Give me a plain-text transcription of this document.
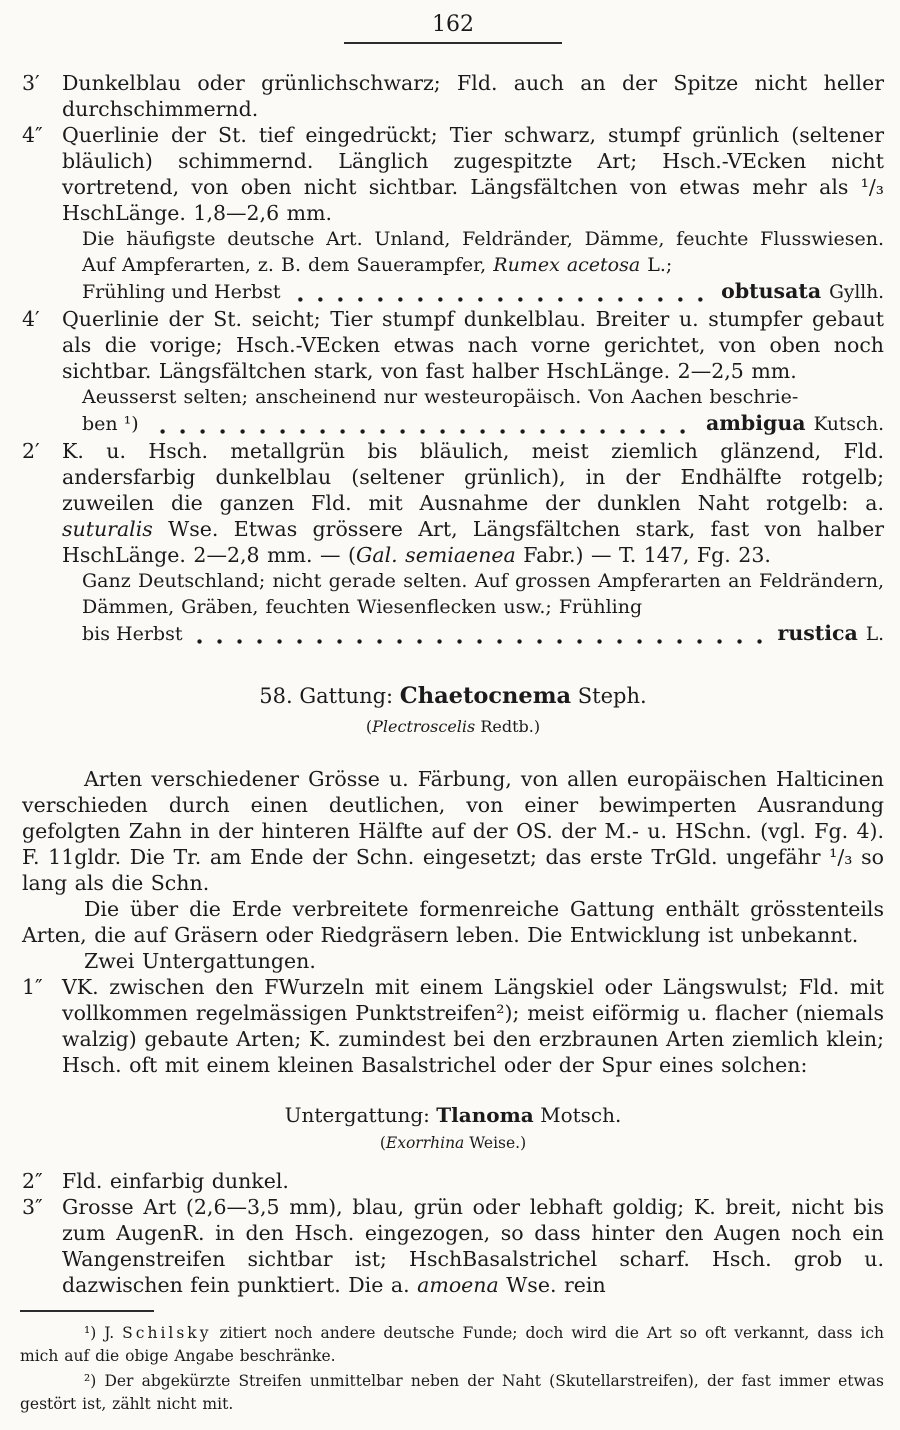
162
3′	Dunkelblau oder grünlichschwarz; Fld. auch an der Spitze nicht heller durchschimmernd.
4″ Querlinie der St. tief eingedrückt; Tier schwarz, stumpf grünlich (seltener bläulich) schimmernd. Länglich zugespitzte Art; Hsch.-VEcken nicht vortretend, von oben nicht sichtbar. Längsfältchen von etwas mehr als ¹/₃ HschLänge. 1,8—2,6 mm.
Die häufigste deutsche Art. Unland, Feldränder, Dämme, feuchte Flusswiesen. Auf Ampferarten, z. B. dem Sauerampfer, Rumex acetosa L.;
Frühling und Herbst	obtusata Gyllh.
4′	Querlinie der St. seicht; Tier stumpf dunkelblau. Breiter u. stumpfer gebaut als die vorige; Hsch.-VEcken etwas nach vorne gerichtet, von oben noch sichtbar. Längsfältchen stark, von fast halber HschLänge. 2—2,5 mm.
Aeusserst selten; anscheinend nur westeuropäisch. Von Aachen beschrie-
ben ¹)	ambigua Kutsch.
2′	K. u. Hsch. metallgrün bis bläulich, meist ziemlich glänzend, Fld. andersfarbig dunkelblau (seltener grünlich), in der Endhälfte rotgelb; zuweilen die ganzen Fld. mit Ausnahme der dunklen Naht rotgelb: a. suturalis Wse. Etwas grössere Art, Längsfältchen stark, fast von halber HschLänge. 2—2,8 mm. — (Gal. semiaenea Fabr.) — T. 147, Fg. 23.
Ganz Deutschland; nicht gerade selten. Auf grossen Ampferarten an Feldrändern, Dämmen, Gräben, feuchten Wiesenflecken usw.; Frühling
bis Herbst	rustica L.
58. Gattung: Chaetocnema Steph.
(Plectroscelis Redtb.)
Arten verschiedener Grösse u. Färbung, von allen europäischen Halticinen verschieden durch einen deutlichen, von einer bewimperten Ausrandung gefolgten Zahn in der hinteren Hälfte auf der OS. der M.- u. HSchn. (vgl. Fg. 4). F. 11gldr. Die Tr. am Ende der Schn. eingesetzt; das erste TrGld. ungefähr ¹/₃ so lang als die Schn.
Die über die Erde verbreitete formenreiche Gattung enthält grösstenteils Arten, die auf Gräsern oder Riedgräsern leben. Die Entwicklung ist unbekannt.
Zwei Untergattungen.
1″ VK. zwischen den FWurzeln mit einem Längskiel oder Längswulst; Fld. mit vollkommen regelmässigen Punktstreifen²); meist eiförmig u. flacher (niemals walzig) gebaute Arten; K. zumindest bei den erzbraunen Arten ziemlich klein; Hsch. oft mit einem kleinen Basalstrichel oder der Spur eines solchen:
Untergattung: Tlanoma Motsch.
(Exorrhina Weise.)
2″ Fld. einfarbig dunkel.
3″ Grosse Art (2,6—3,5 mm), blau, grün oder lebhaft goldig; K. breit, nicht bis zum AugenR. in den Hsch. eingezogen, so dass hinter den Augen noch ein Wangenstreifen sichtbar ist; HschBasalstrichel scharf. Hsch. grob u. dazwischen fein punktiert. Die a. amoena Wse. rein
¹) J. Schilsky zitiert noch andere deutsche Funde; doch wird die Art so oft verkannt, dass ich mich auf die obige Angabe beschränke.
²) Der abgekürzte Streifen unmittelbar neben der Naht (Skutellarstreifen), der fast immer etwas gestört ist, zählt nicht mit.
